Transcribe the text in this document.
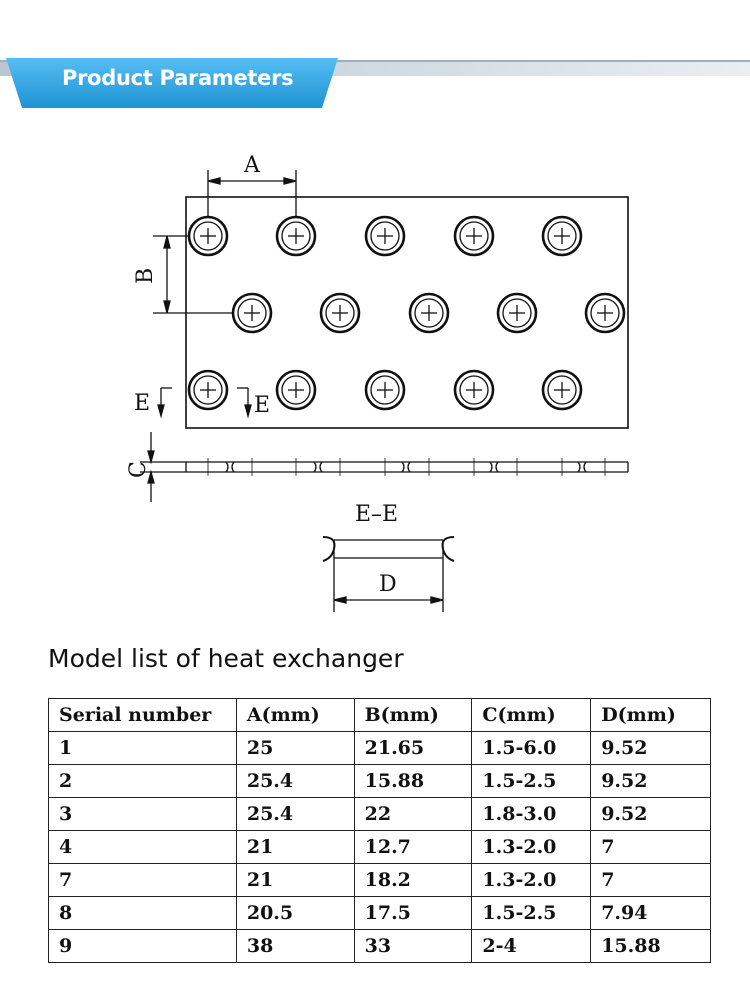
Product Parameters
A
B
E	E
C
E–E
D
Model list of heat exchanger
Serial number	A(mm)	B(mm)	C(mm)	D(mm)
1	25	21.65	1.5-6.0	9.52
2	25.4	15.88	1.5-2.5	9.52
3	25.4	22	1.8-3.0	9.52
4	21	12.7	1.3-2.0	7
7	21	18.2	1.3-2.0	7
8	20.5	17.5	1.5-2.5	7.94
9	38	33	2-4	15.88
